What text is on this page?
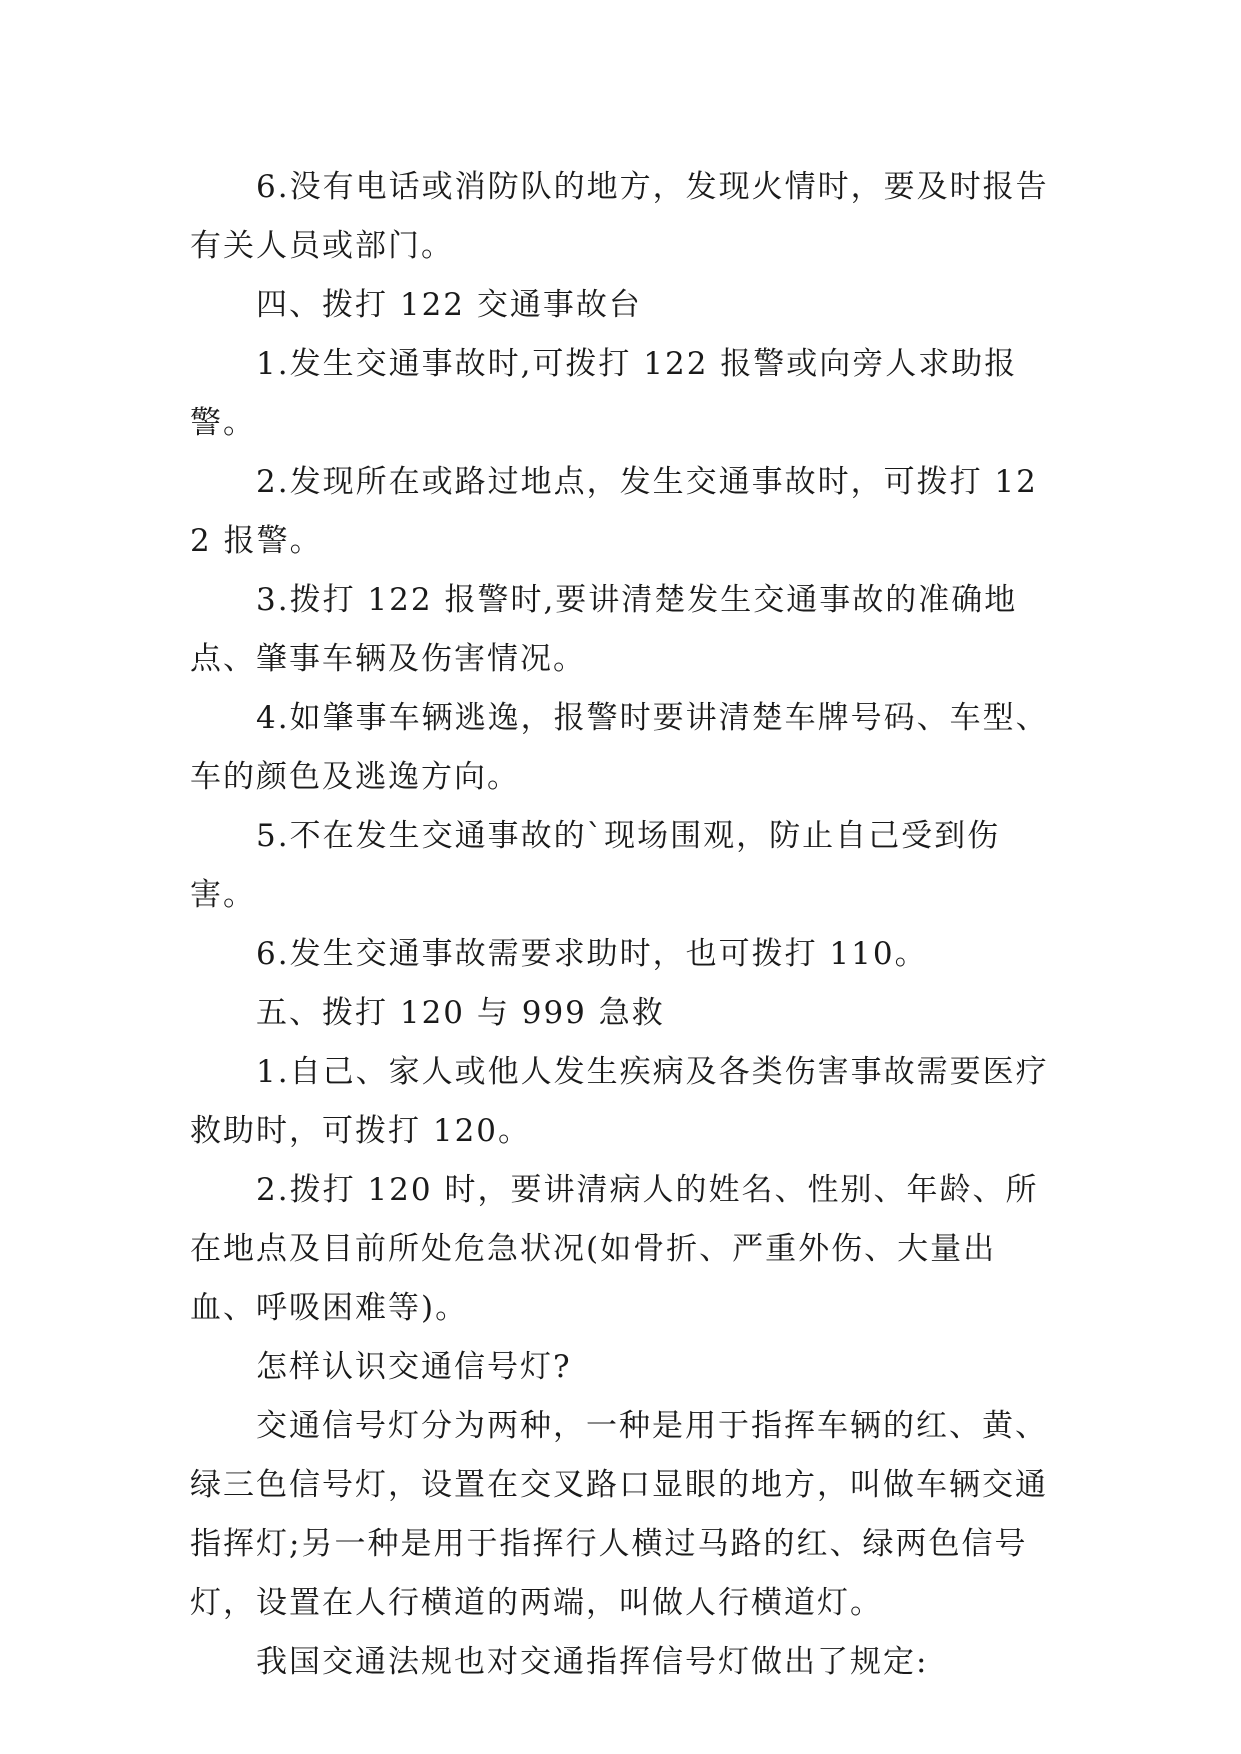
6.没有电话或消防队的地方，发现火情时，要及时报告有关人员或部门。

四、拨打 122 交通事故台

1.发生交通事故时,可拨打 122 报警或向旁人求助报警。

2.发现所在或路过地点，发生交通事故时，可拨打 122 报警。

3.拨打 122 报警时,要讲清楚发生交通事故的准确地点、肇事车辆及伤害情况。

4.如肇事车辆逃逸，报警时要讲清楚车牌号码、车型、车的颜色及逃逸方向。

5.不在发生交通事故的`现场围观，防止自己受到伤害。

6.发生交通事故需要求助时，也可拨打 110。

五、拨打 120 与 999 急救

1.自己、家人或他人发生疾病及各类伤害事故需要医疗救助时，可拨打 120。

2.拨打 120 时，要讲清病人的姓名、性别、年龄、所在地点及目前所处危急状况(如骨折、严重外伤、大量出血、呼吸困难等)。

怎样认识交通信号灯?

交通信号灯分为两种，一种是用于指挥车辆的红、黄、绿三色信号灯，设置在交叉路口显眼的地方，叫做车辆交通指挥灯;另一种是用于指挥行人横过马路的红、绿两色信号灯，设置在人行横道的两端，叫做人行横道灯。

我国交通法规也对交通指挥信号灯做出了规定:
